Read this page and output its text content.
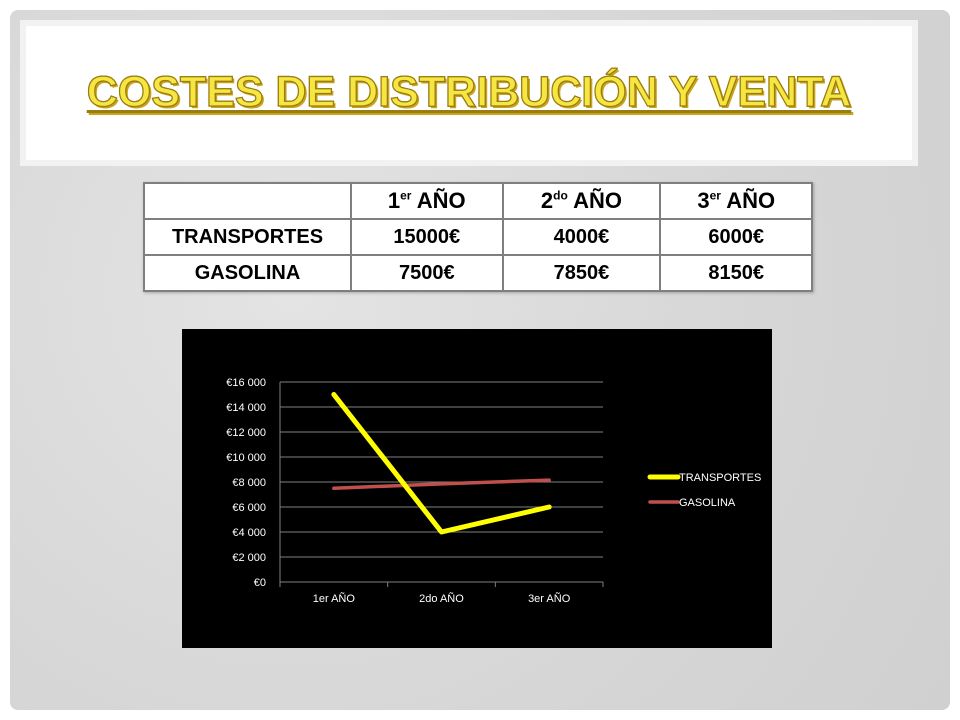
COSTES DE DISTRIBUCIÓN Y VENTA
	1er AÑO	$2^{do}$ AÑO	3er AÑO
TRANSPORTES	15000€	4000€	6000€
GASOLINA	7500€	7850€	8150€
€0
€2 000
€4 000
€6 000
€8 000
€10 000
€12 000
€14 000
€16 000
1er AÑO	2do AÑO	3er AÑO
TRANSPORTES
GASOLINA
